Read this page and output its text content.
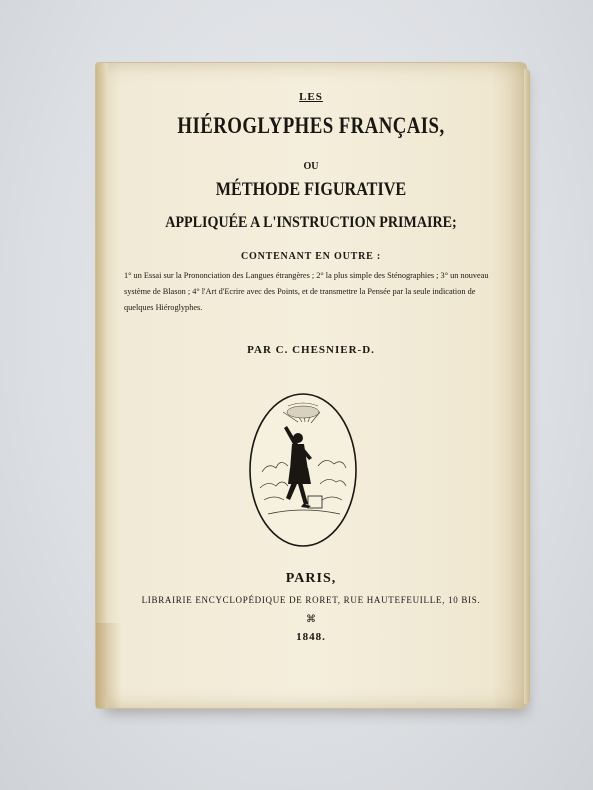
LES
HIÉROGLYPHES FRANÇAIS,
OU
MÉTHODE FIGURATIVE
APPLIQUÉE A L'INSTRUCTION PRIMAIRE;
CONTENANT EN OUTRE :
1° un Essai sur la Prononciation des Langues étrangères ; 2° la plus simple des Sténographies ; 3° un nouveau
système de Blason ; 4° l'Art d'Ecrire avec des Points, et de transmettre la Pensée par la seule indication de
quelques Hiéroglyphes.
PAR C. CHESNIER-D.
PARIS,
LIBRAIRIE ENCYCLOPÉDIQUE DE RORET, RUE HAUTEFEUILLE, 10 BIS.
⌘
1848.
